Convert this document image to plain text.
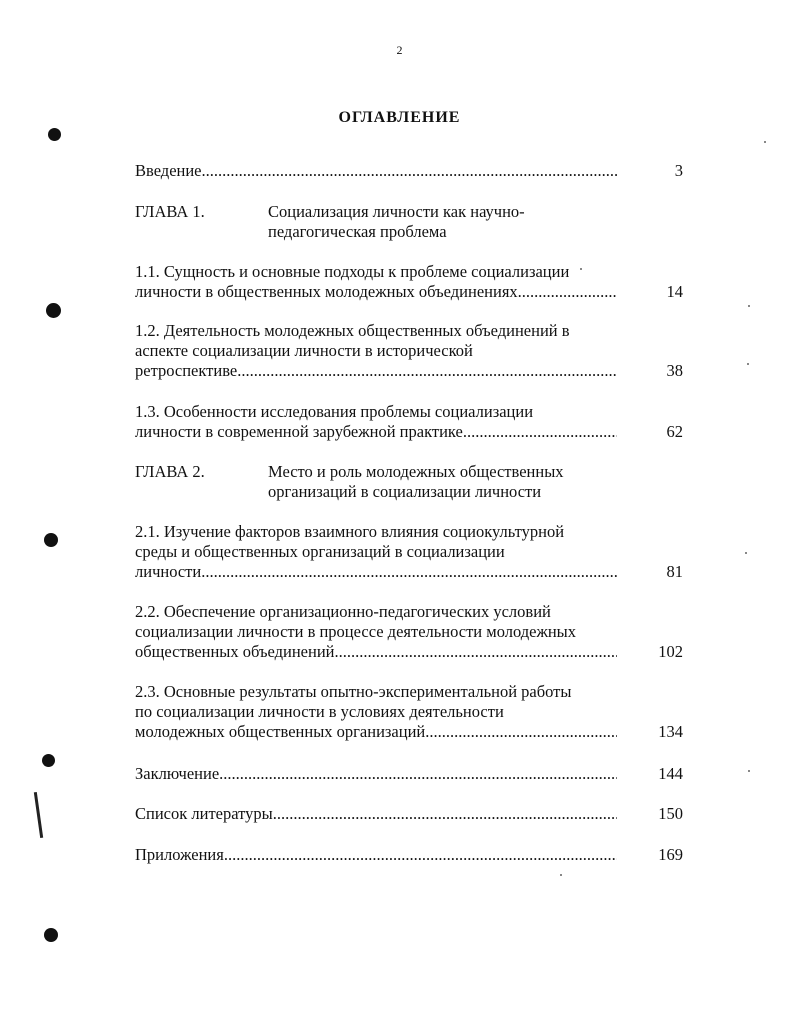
2
ОГЛАВЛЕНИЕ
Введение .....	3
ГЛАВА 1.	Социализация личности как научно-
педагогическая проблема
1.1. Сущность и основные подходы к проблеме социализации
личности в общественных молодежных объединениях .....	14
1.2. Деятельность молодежных общественных объединений в
аспекте социализации личности в исторической
ретроспективе .....	38
1.3. Особенности исследования проблемы социализации
личности в современной зарубежной практике .....	62
ГЛАВА 2.	Место и роль молодежных общественных
организаций в социализации личности
2.1. Изучение факторов взаимного влияния социокультурной
среды и общественных организаций в социализации
личности .....	81
2.2. Обеспечение организационно-педагогических условий
социализации личности в процессе деятельности молодежных
общественных объединений .....	102
2.3. Основные результаты опытно-экспериментальной работы
по социализации личности в условиях деятельности
молодежных общественных организаций .....	134
Заключение .....	144
Список литературы .....	150
Приложения .....	169
